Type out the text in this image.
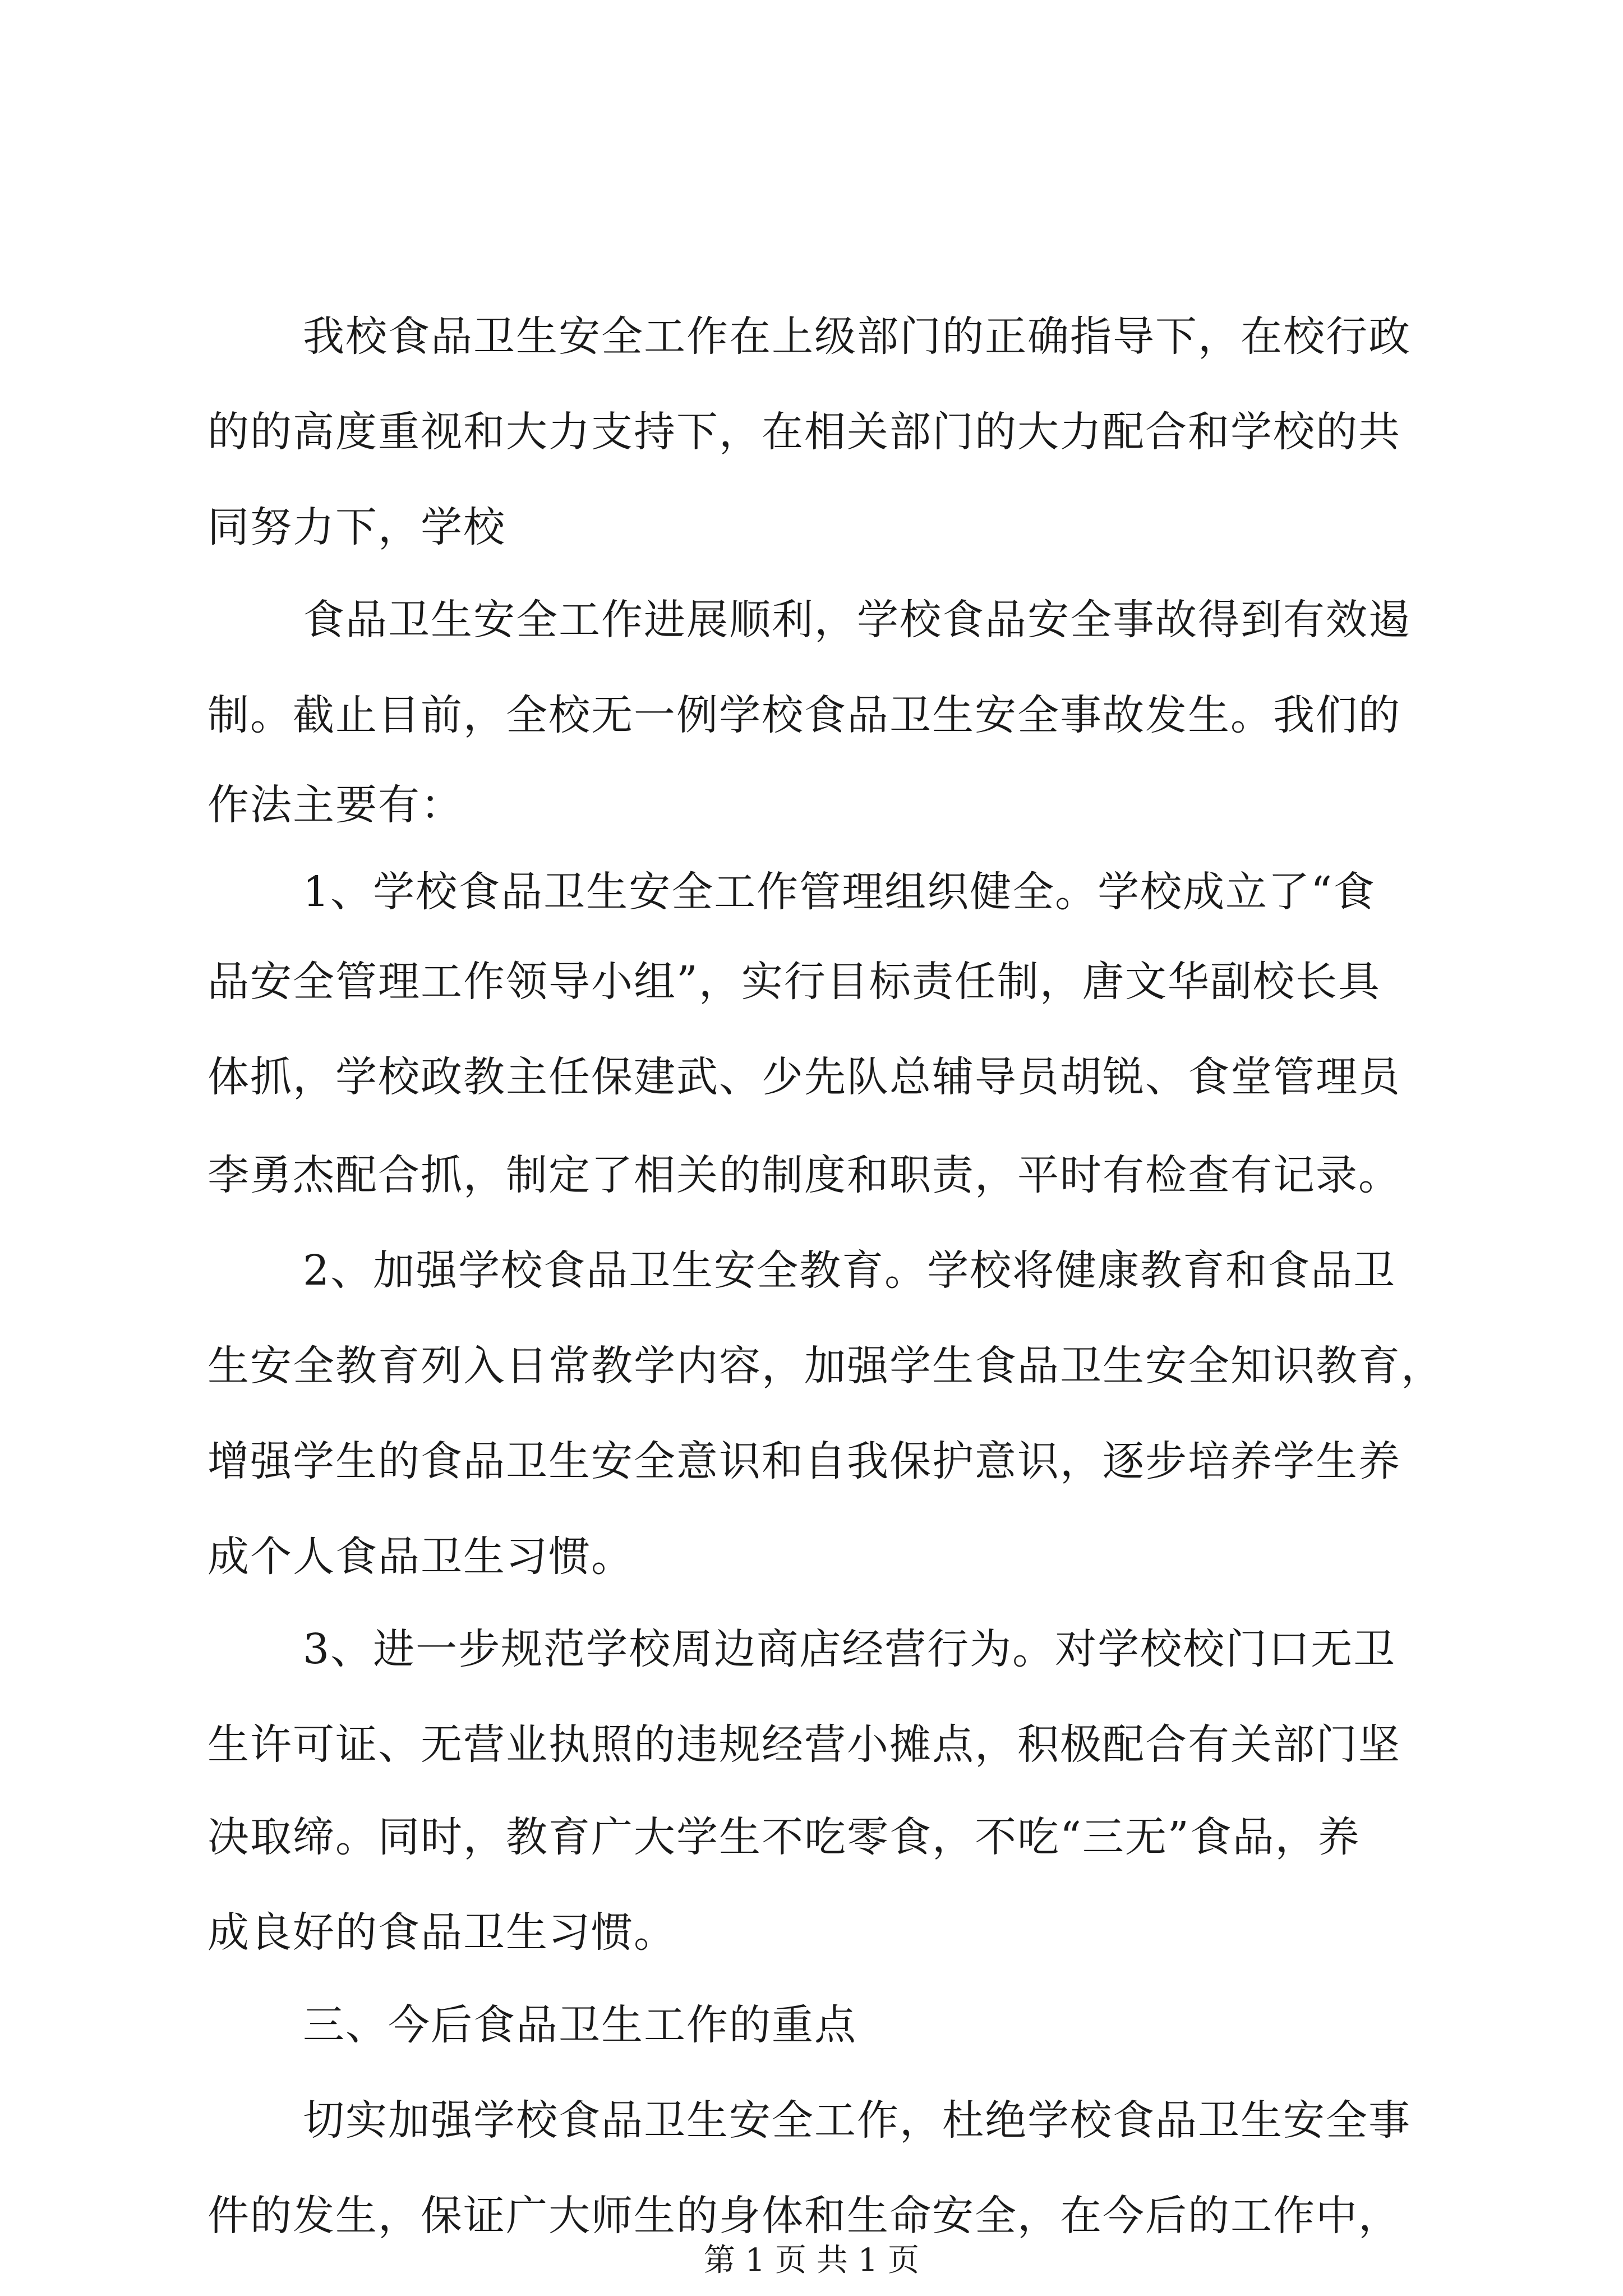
我校食品卫生安全工作在上级部门的正确指导下，在校行政
的的高度重视和大力支持下，在相关部门的大力配合和学校的共
同努力下，学校
食品卫生安全工作进展顺利，学校食品安全事故得到有效遏
制。截止目前，全校无一例学校食品卫生安全事故发生。我们的
作法主要有：
1、学校食品卫生安全工作管理组织健全。学校成立了“食
品安全管理工作领导小组”，实行目标责任制，唐文华副校长具
体抓，学校政教主任保建武、少先队总辅导员胡锐、食堂管理员
李勇杰配合抓，制定了相关的制度和职责，平时有检查有记录。
2、加强学校食品卫生安全教育。学校将健康教育和食品卫
生安全教育列入日常教学内容，加强学生食品卫生安全知识教育，
增强学生的食品卫生安全意识和自我保护意识，逐步培养学生养
成个人食品卫生习惯。
3、进一步规范学校周边商店经营行为。对学校校门口无卫
生许可证、无营业执照的违规经营小摊点，积极配合有关部门坚
决取缔。同时，教育广大学生不吃零食，不吃“三无”食品，养
成良好的食品卫生习惯。
三、今后食品卫生工作的重点
切实加强学校食品卫生安全工作，杜绝学校食品卫生安全事
件的发生，保证广大师生的身体和生命安全，在今后的工作中，
第 1 页 共 1 页
